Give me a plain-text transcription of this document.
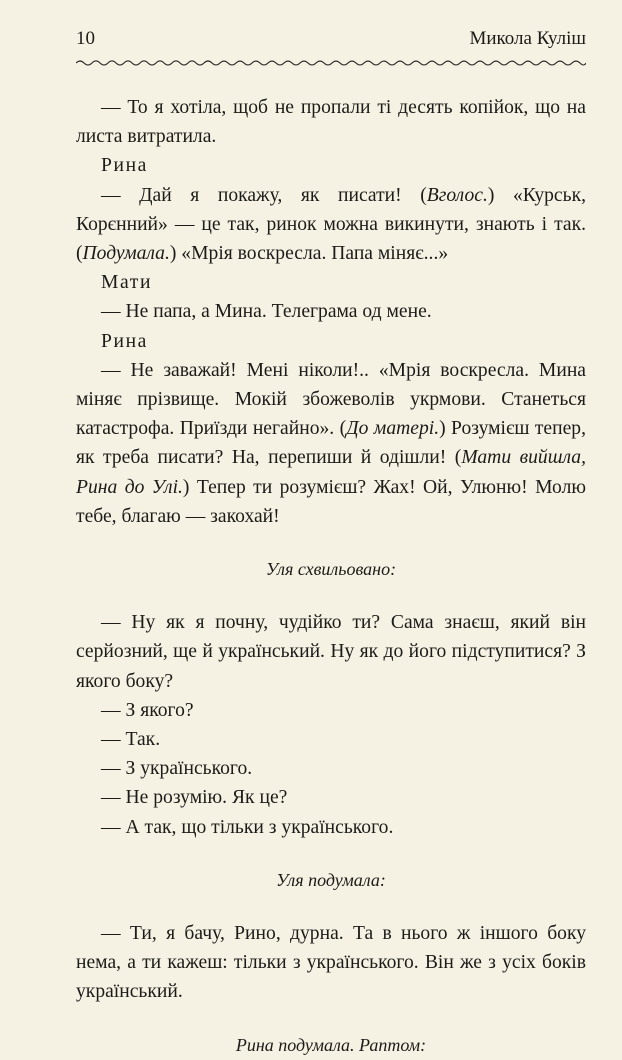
10	Микола Куліш

— То я хотіла, щоб не пропали ті десять копійок, що на листа витратила.

Рина

— Дай я покажу, як писати! (Вголос.) «Курськ, Корєнний» — це так, ринок можна викинути, знають і так. (Подумала.) «Мрія воскресла. Папа міняє...»

Мати

— Не папа, а Мина. Телеграма од мене.

Рина

— Не заважай! Мені ніколи!.. «Мрія воскресла. Мина міняє прізвище. Мокій збожеволів укрмови. Станеться катастрофа. Приїзди негайно». (До матері.) Розумієш тепер, як треба писати? На, перепиши й одішли! (Мати вийшла, Рина до Улі.) Тепер ти розумієш? Жах! Ой, Улюню! Молю тебе, благаю — закохай!

Уля схвильовано:

— Ну як я почну, чудійко ти? Сама знаєш, який він серйозний, ще й український. Ну як до його підступитися? З якого боку?

— З якого?

— Так.

— З українського.

— Не розумію. Як це?

— А так, що тільки з українського.

Уля подумала:

— Ти, я бачу, Рино, дурна. Та в нього ж іншого боку нема, а ти кажеш: тільки з українського. Він же з усіх боків український.

Рина подумала. Раптом:
